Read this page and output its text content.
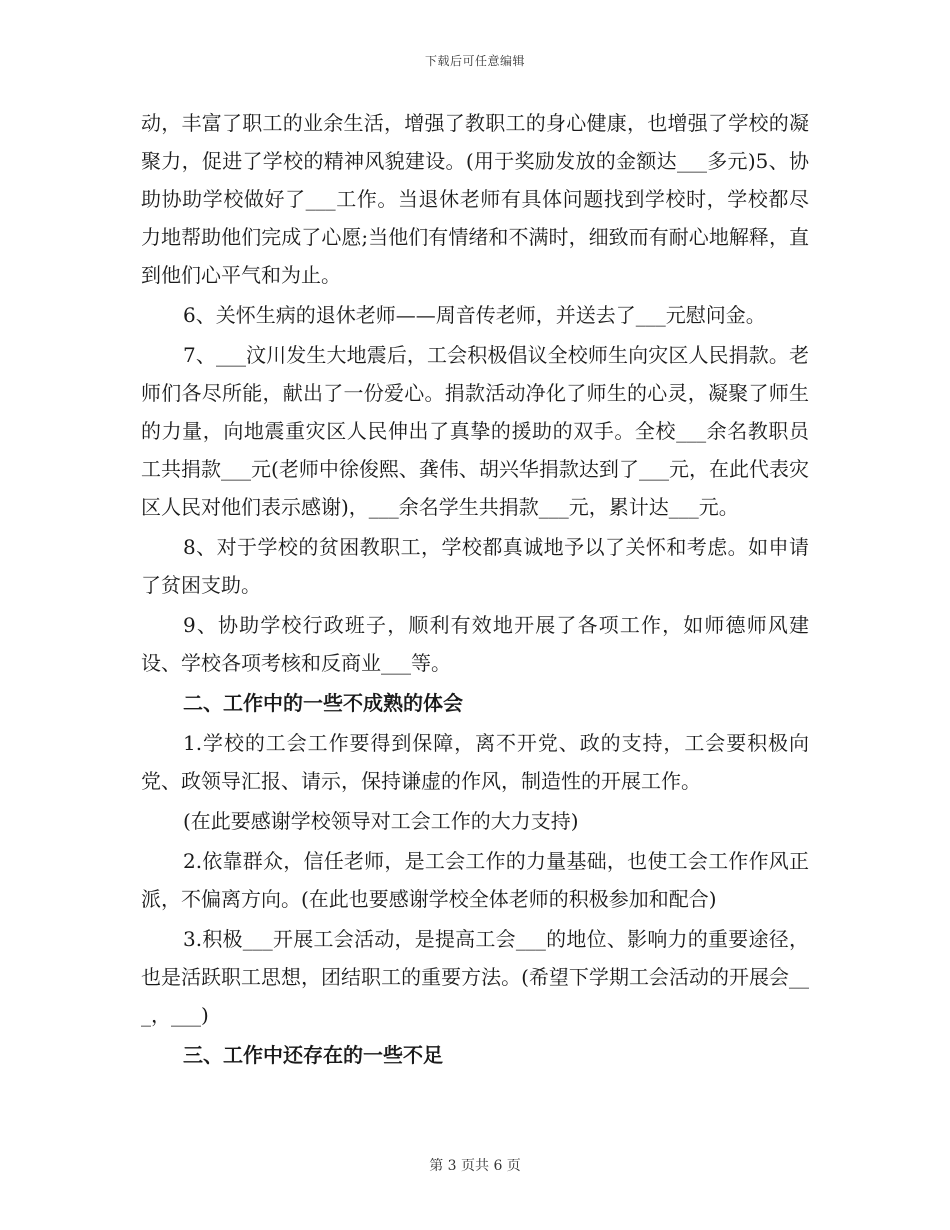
下载后可任意编辑

动，丰富了职工的业余生活，增强了教职工的身心健康，也增强了学校的凝聚力，促进了学校的精神风貌建设。(用于奖励发放的金额达___多元)5、协助协助学校做好了___工作。当退休老师有具体问题找到学校时，学校都尽力地帮助他们完成了心愿;当他们有情绪和不满时，细致而有耐心地解释，直到他们心平气和为止。

6、关怀生病的退休老师——周音传老师，并送去了___元慰问金。

7、___汶川发生大地震后，工会积极倡议全校师生向灾区人民捐款。老师们各尽所能，献出了一份爱心。捐款活动净化了师生的心灵，凝聚了师生的力量，向地震重灾区人民伸出了真挚的援助的双手。全校___余名教职员工共捐款___元(老师中徐俊熙、龚伟、胡兴华捐款达到了___元，在此代表灾区人民对他们表示感谢)，___余名学生共捐款___元，累计达___元。

8、对于学校的贫困教职工，学校都真诚地予以了关怀和考虑。如申请了贫困支助。

9、协助学校行政班子，顺利有效地开展了各项工作，如师德师风建设、学校各项考核和反商业___等。

二、工作中的一些不成熟的体会

1.学校的工会工作要得到保障，离不开党、政的支持，工会要积极向党、政领导汇报、请示，保持谦虚的作风，制造性的开展工作。

(在此要感谢学校领导对工会工作的大力支持)

2.依靠群众，信任老师，是工会工作的力量基础，也使工会工作作风正派，不偏离方向。(在此也要感谢学校全体老师的积极参加和配合)

3.积极___开展工会活动，是提高工会___的地位、影响力的重要途径，也是活跃职工思想，团结职工的重要方法。(希望下学期工会活动的开展会___，___)

三、工作中还存在的一些不足

第 3 页共 6 页
